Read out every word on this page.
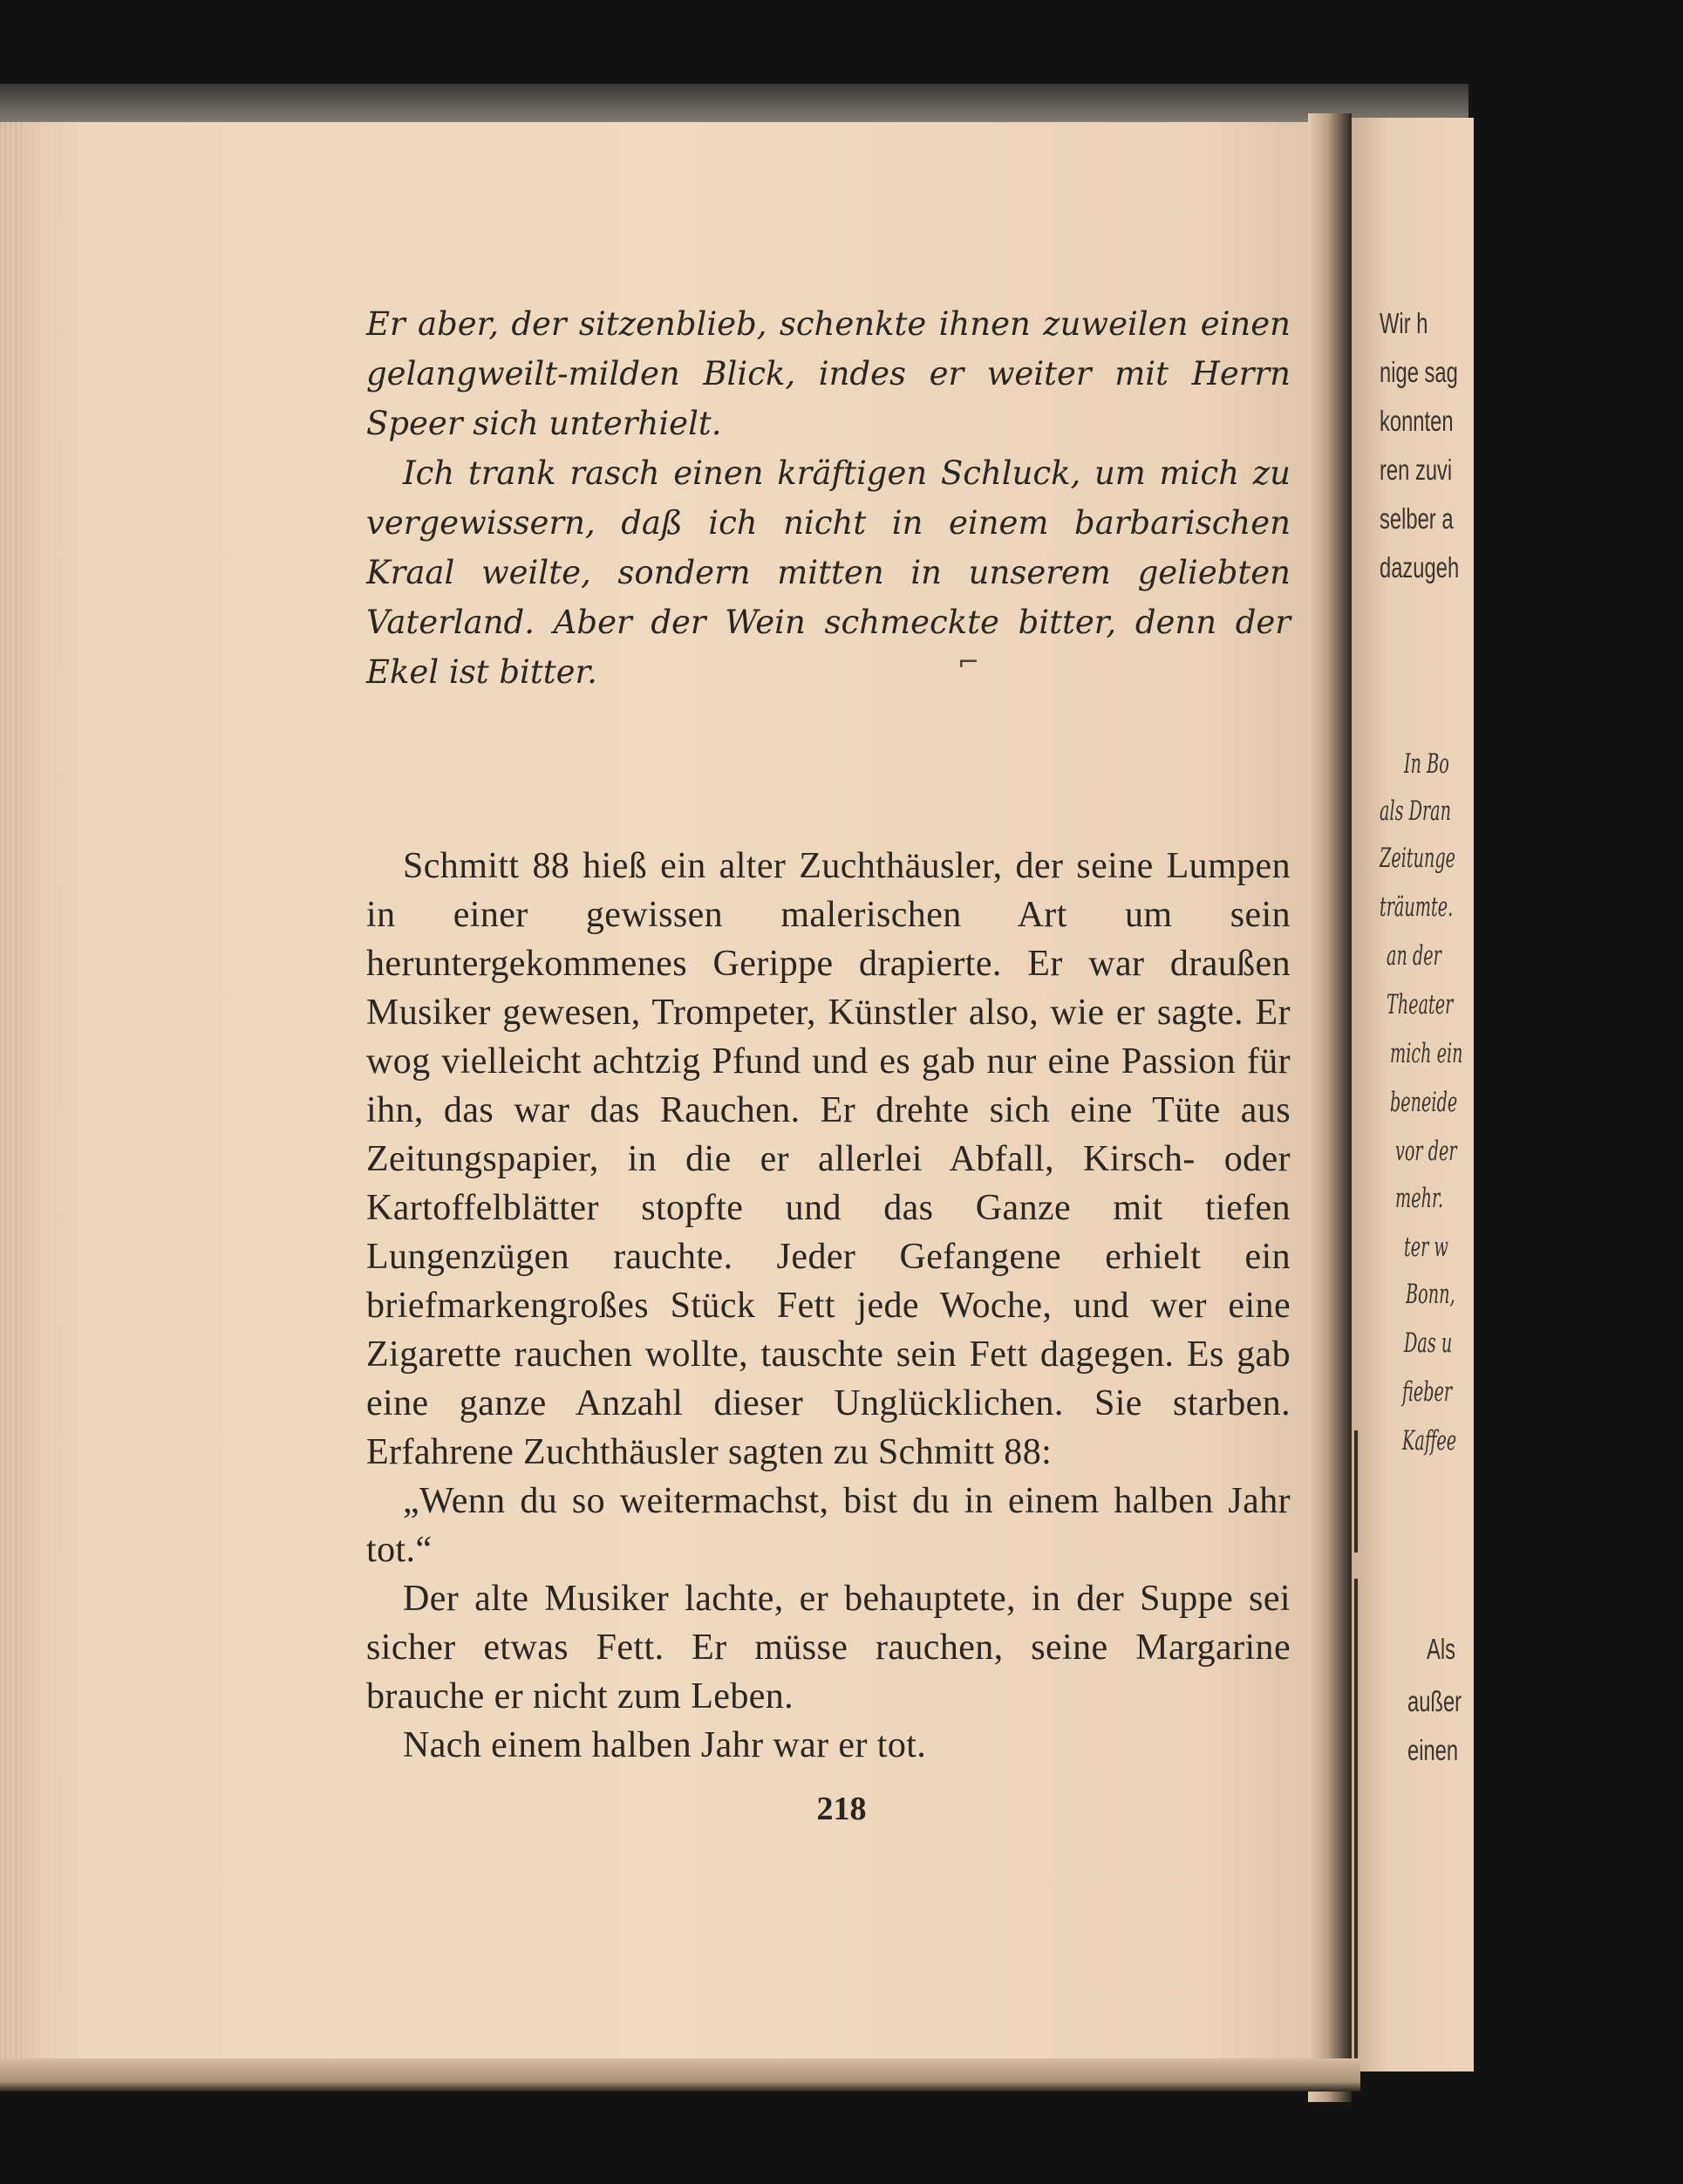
Er aber, der sitzenblieb, schenkte ihnen zuweilen einen gelangweilt-milden Blick, indes er weiter mit Herrn Speer sich unterhielt.

Ich trank rasch einen kräftigen Schluck, um mich zu vergewissern, daß ich nicht in einem barbarischen Kraal weilte, sondern mitten in unserem geliebten Vaterland. Aber der Wein schmeckte bitter, denn der Ekel ist bitter.	⌐

Schmitt 88 hieß ein alter Zuchthäusler, der seine Lumpen in einer gewissen malerischen Art um sein heruntergekommenes Gerippe drapierte. Er war draußen Musiker gewesen, Trompeter, Künstler also, wie er sagte. Er wog vielleicht achtzig Pfund und es gab nur eine Passion für ihn, das war das Rauchen. Er drehte sich eine Tüte aus Zeitungspapier, in die er allerlei Abfall, Kirsch- oder Kartoffelblätter stopfte und das Ganze mit tiefen Lungenzügen rauchte. Jeder Gefangene erhielt ein briefmarkengroßes Stück Fett jede Woche, und wer eine Zigarette rauchen wollte, tauschte sein Fett dagegen. Es gab eine ganze Anzahl dieser Unglücklichen. Sie starben. Erfahrene Zuchthäusler sagten zu Schmitt 88:

„Wenn du so weitermachst, bist du in einem halben Jahr tot.“

Der alte Musiker lachte, er behauptete, in der Suppe sei sicher etwas Fett. Er müsse rauchen, seine Margarine brauche er nicht zum Leben.

Nach einem halben Jahr war er tot.

218
Wir h
nige sag
konnten
ren zuvi
selber a
dazugeh
In Bo
als Dran
Zeitunge
träumte.
an der
Theater
mich ein
beneide
vor der
mehr.
ter w
Bonn,
Das u
fieber
Kaffee
Als
außer
einen
